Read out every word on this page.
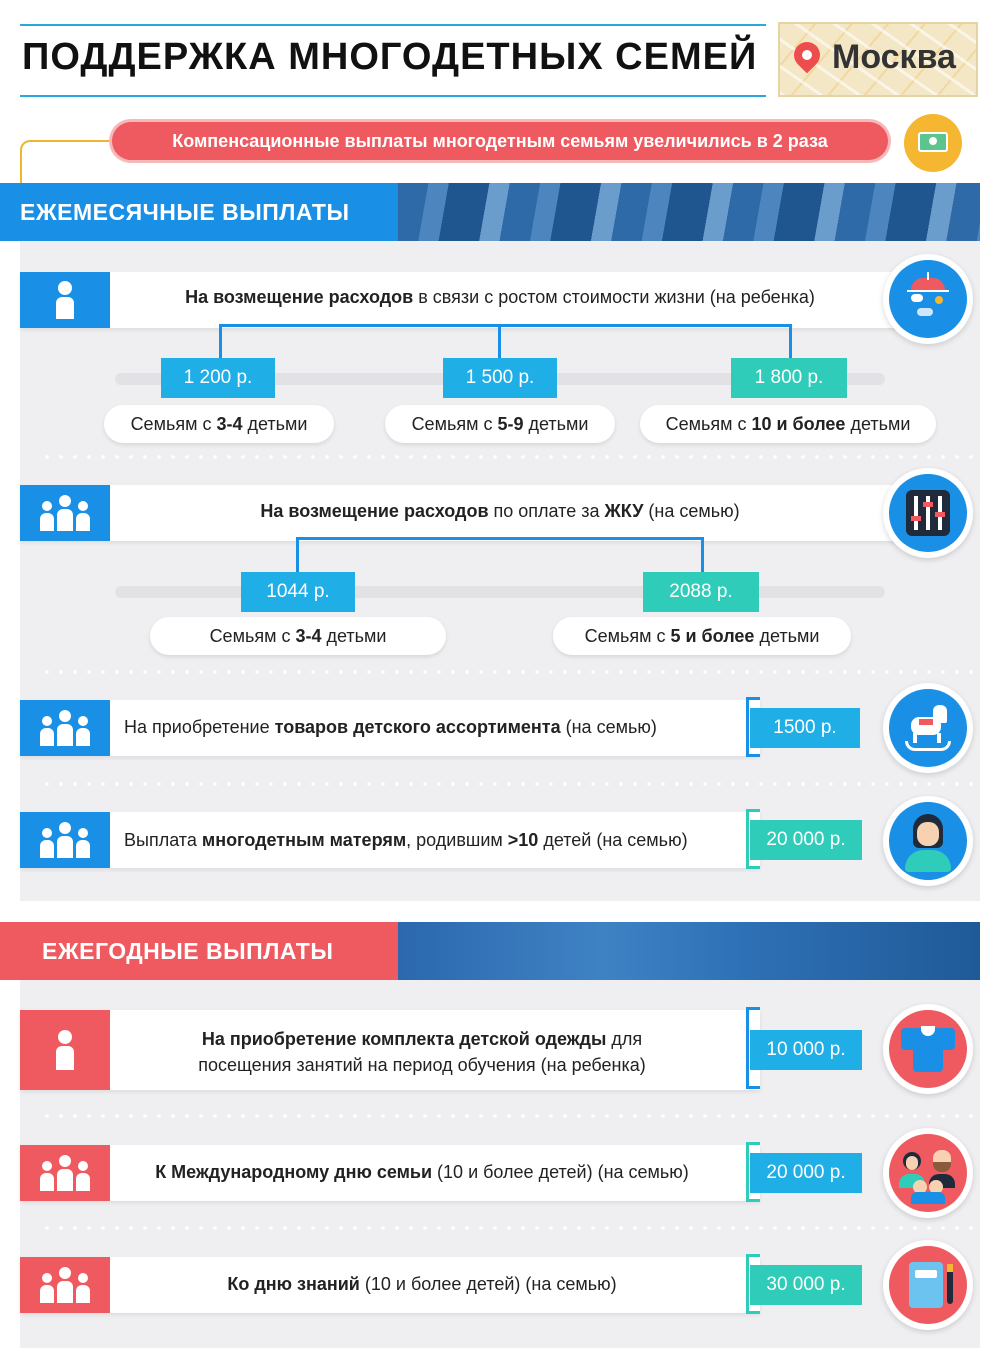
ПОДДЕРЖКА МНОГОДЕТНЫХ СЕМЕЙ Москва
Компенсационные выплаты многодетным семьям увеличились в 2 раза
ЕЖЕМЕСЯЧНЫЕ ВЫПЛАТЫ
На возмещение расходов в связи с ростом стоимости жизни (на ребенка)
1 200 р.	1 500 р.	1 800 р.
Семьям с 3-4 детьми	Семьям с 5-9 детьми	Семьям с 10 и более детьми
На возмещение расходов по оплате за ЖКУ (на семью)
1044 р.	2088 р.
Семьям с 3-4 детьми	Семьям с 5 и более детьми
На приобретение товаров детского ассортимента (на семью)	1500 р.
Выплата многодетным матерям, родившим >10 детей (на семью)	20 000 р.
ЕЖЕГОДНЫЕ ВЫПЛАТЫ
На приобретение комплекта детской одежды для
посещения занятий на период обучения (на ребенка)
10 000 р.
К Международному дню семьи (10 и более детей) (на семью)	20 000 р.
Ко дню знаний (10 и более детей) (на семью)	30 000 р.
